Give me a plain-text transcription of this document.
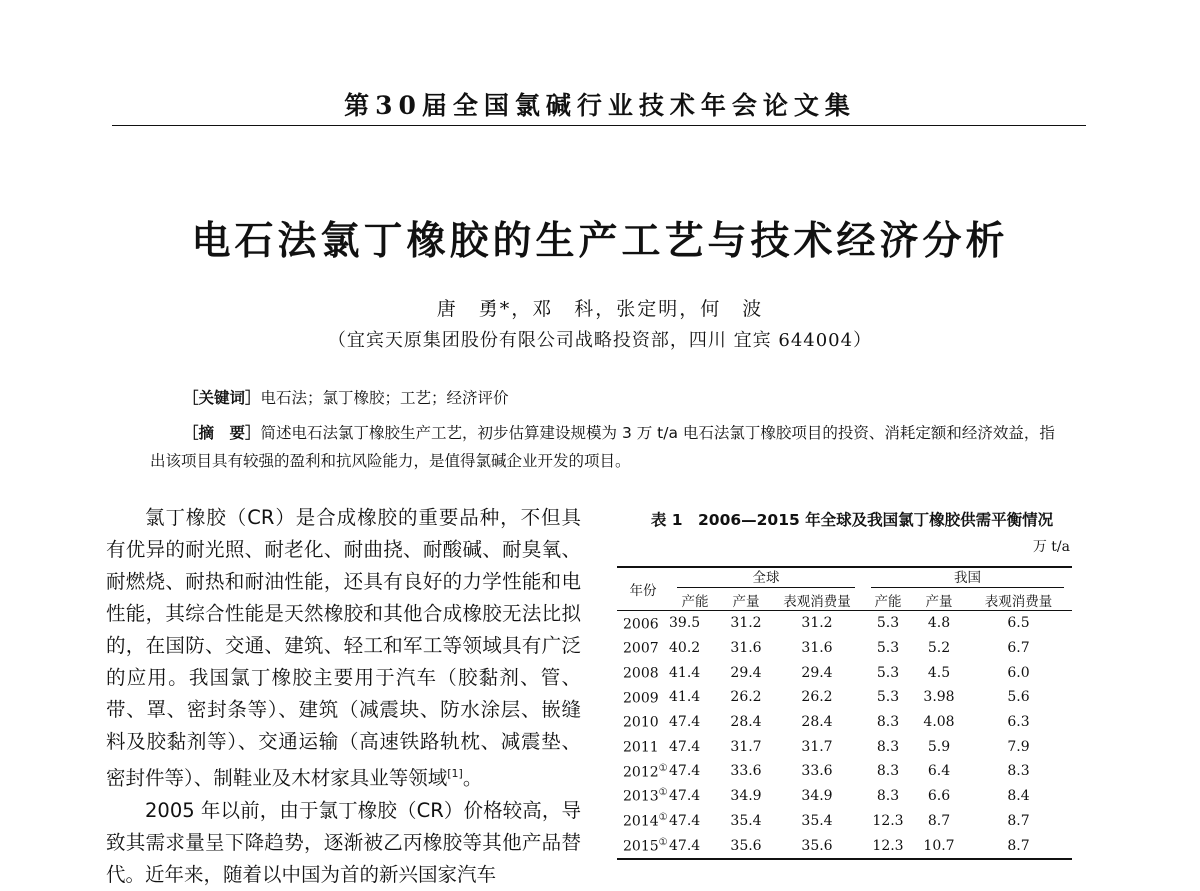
第30届全国氯碱行业技术年会论文集
电石法氯丁橡胶的生产工艺与技术经济分析
唐　勇*，邓　科，张定明，何　波
（宜宾天原集团股份有限公司战略投资部，四川 宜宾 644004）
［关键词］电石法；氯丁橡胶；工艺；经济评价
［摘　要］简述电石法氯丁橡胶生产工艺，初步估算建设规模为 3 万 t/a 电石法氯丁橡胶项目的投资、消耗定额和经济效益，指出该项目具有较强的盈利和抗风险能力，是值得氯碱企业开发的项目。

氯丁橡胶（CR）是合成橡胶的重要品种，不但具有优异的耐光照、耐老化、耐曲挠、耐酸碱、耐臭氧、耐燃烧、耐热和耐油性能，还具有良好的力学性能和电性能，其综合性能是天然橡胶和其他合成橡胶无法比拟的，在国防、交通、建筑、轻工和军工等领域具有广泛的应用。我国氯丁橡胶主要用于汽车（胶黏剂、管、带、罩、密封条等）、建筑（减震块、防水涂层、嵌缝料及胶黏剂等）、交通运输（高速铁路轨枕、减震垫、密封件等）、制鞋业及木材家具业等领域[1]。

2005 年以前，由于氯丁橡胶（CR）价格较高，导致其需求量呈下降趋势，逐渐被乙丙橡胶等其他产品替代。近年来，随着以中国为首的新兴国家汽车

表 1　2006—2015 年全球及我国氯丁橡胶供需平衡情况
万 t/a
年份	全球			我国		

	产能	产量	表观消费量	产能	产量	表观消费量
2006	39.5	31.2	31.2	5.3	4.8	6.5
2007	40.2	31.6	31.6	5.3	5.2	6.7
2008	41.4	29.4	29.4	5.3	4.5	6.0
2009	41.4	26.2	26.2	5.3	3.98	5.6
2010	47.4	28.4	28.4	8.3	4.08	6.3
2011	47.4	31.7	31.7	8.3	5.9	7.9
2012①	47.4	33.6	33.6	8.3	6.4	8.3
2013①	47.4	34.9	34.9	8.3	6.6	8.4
2014①	47.4	35.4	35.4	12.3	8.7	8.7
2015①	47.4	35.6	35.6	12.3	10.7	8.7
